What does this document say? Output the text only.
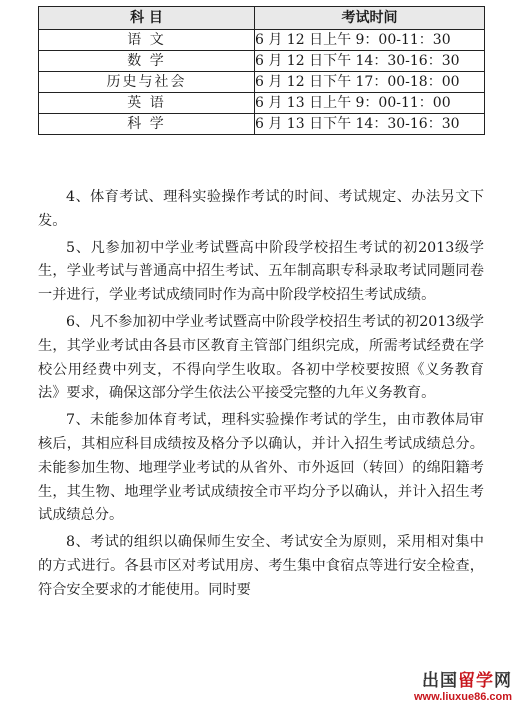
科 目	考试时间
语 文	6 月 12 日上午 9：00-11：30
数 学	6 月 12 日下午 14：30-16：30
历史与社会	6 月 12 日下午 17：00-18：00
英 语	6 月 13 日上午 9：00-11：00
科 学	6 月 13 日下午 14：30-16：30

4、体育考试、理科实验操作考试的时间、考试规定、办法另文下发。

5、凡参加初中学业考试暨高中阶段学校招生考试的初2013级学生，学业考试与普通高中招生考试、五年制高职专科录取考试同题同卷一并进行，学业考试成绩同时作为高中阶段学校招生考试成绩。

6、凡不参加初中学业考试暨高中阶段学校招生考试的初2013级学生，其学业考试由各县市区教育主管部门组织完成，所需考试经费在学校公用经费中列支，不得向学生收取。各初中学校要按照《义务教育法》要求，确保这部分学生依法公平接受完整的九年义务教育。

7、未能参加体育考试，理科实验操作考试的学生，由市教体局审核后，其相应科目成绩按及格分予以确认，并计入招生考试成绩总分。未能参加生物、地理学业考试的从省外、市外返回（转回）的绵阳籍考生，其生物、地理学业考试成绩按全市平均分予以确认，并计入招生考试成绩总分。

8、考试的组织以确保师生安全、考试安全为原则，采用相对集中的方式进行。各县市区对考试用房、考生集中食宿点等进行安全检查，符合安全要求的才能使用。同时要

出国留学网
www.liuxue86.com
